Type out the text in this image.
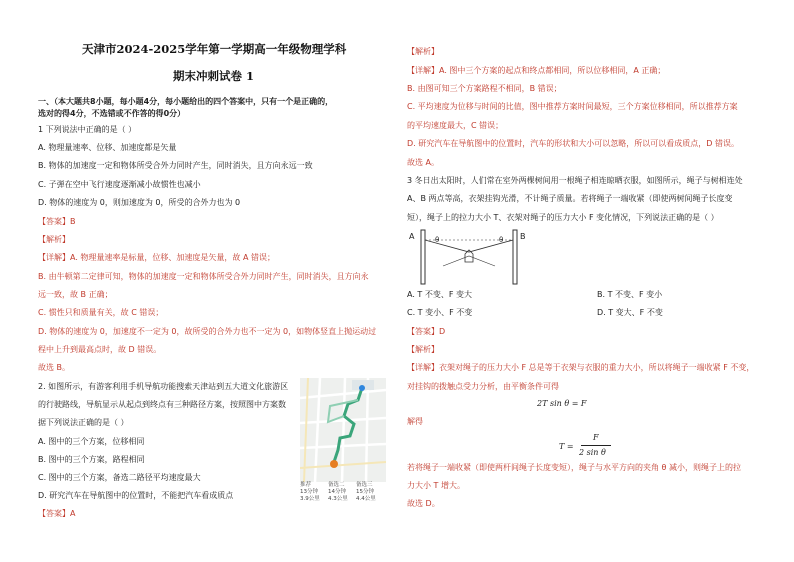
天津市2024-2025学年第一学期高一年级物理学科
期末冲刺试卷 1
一、（本大题共8小题，每小题4分，每小题给出的四个答案中，只有一个是正确的，
选对的得4分，不选错或不作答的得0分）
1 下列说法中正确的是（ ）
A. 物理量速率、位移、加速度都是矢量
B. 物体的加速度一定和物体所受合外力同时产生，同时消失，且方向永远一致
C. 子弹在空中飞行速度逐渐减小故惯性也减小
D. 物体的速度为 0，则加速度为 0，所受的合外力也为 0
【答案】B
【解析】
【详解】A. 物理量速率是标量，位移、加速度是矢量，故 A 错误；
B. 由牛顿第二定律可知，物体的加速度一定和物体所受合外力同时产生，同时消失，且方向永
远一致，故 B 正确；
C. 惯性只和质量有关，故 C 错误；
D. 物体的速度为 0，加速度不一定为 0，故所受的合外力也不一定为 0，如物体竖直上抛运动过
程中上升到最高点时，故 D 错误。
故选 B。
2. 如图所示，有游客利用手机导航功能搜索天津站到五大道文化旅游区
的行驶路线，导航显示从起点到终点有三种路径方案，按照图中方案数
据下列说法正确的是（ ）
A. 图中的三个方案，位移相同
B. 图中的三个方案，路程相同
C. 图中的三个方案，备选二路径平均速度最大
D. 研究汽车在导航图中的位置时，不能把汽车看成质点
【答案】A
推荐
13分钟
3.9公里
备选二
14分钟
4.3公里
备选三
15分钟
4.4公里
【解析】
【详解】A. 图中三个方案的起点和终点都相同，所以位移相同，A 正确；
B. 由图可知三个方案路程不相同，B 错误；
C. 平均速度为位移与时间的比值，图中推荐方案时间最短，三个方案位移相同，所以推荐方案
的平均速度最大，C 错误；
D. 研究汽车在导航图中的位置时，汽车的形状和大小可以忽略，所以可以看成质点，D 错误。
故选 A。
3 冬日出太阳时，人们常在室外两棵树间用一根绳子相连晾晒衣服，如图所示，绳子与树相连处
A、B 两点等高，衣架挂钩光滑，不计绳子质量。若将绳子一端收紧（即使两树间绳子长度变
短），绳子上的拉力大小 T、衣架对绳子的压力大小 F 变化情况，下列说法正确的是（ ）
A	B
θ	θ
A. T 不变、F 变大	B. T 不变、F 变小
C. T 变小、F 不变	D. T 变大、F 不变
【答案】D
【解析】
【详解】衣架对绳子的压力大小 F 总是等于衣架与衣服的重力大小，所以将绳子一端收紧 F 不变，
对挂钩的拨触点受力分析，由平衡条件可得
2T sin θ = F
解得
T =
F
2 sin θ
若将绳子一端收紧（即使两杆间绳子长度变短），绳子与水平方向的夹角 θ 减小，则绳子上的拉
力大小 T 增大。
故选 D。
